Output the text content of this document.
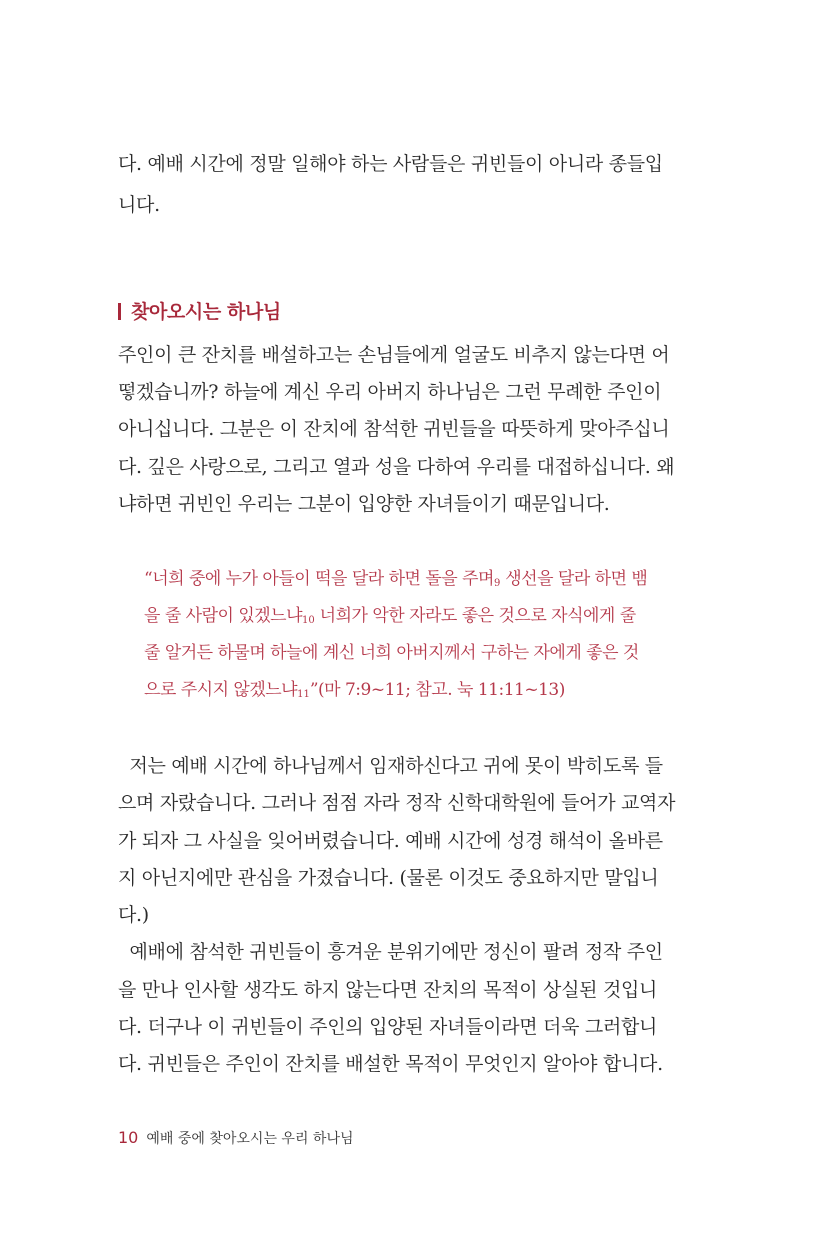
다. 예배 시간에 정말 일해야 하는 사람들은 귀빈들이 아니라 종들입
니다.
찾아오시는 하나님
주인이 큰 잔치를 배설하고는 손님들에게 얼굴도 비추지 않는다면 어
떻겠습니까? 하늘에 계신 우리 아버지 하나님은 그런 무례한 주인이
아니십니다. 그분은 이 잔치에 참석한 귀빈들을 따뜻하게 맞아주십니
다. 깊은 사랑으로, 그리고 열과 성을 다하여 우리를 대접하십니다. 왜
냐하면 귀빈인 우리는 그분이 입양한 자녀들이기 때문입니다.
“너희 중에 누가 아들이 떡을 달라 하면 돌을 주며$_9$ 생선을 달라 하면 뱀
을 줄 사람이 있겠느냐$_{10}$ 너희가 악한 자라도 좋은 것으로 자식에게 줄
줄 알거든 하물며 하늘에 계신 너희 아버지께서 구하는 자에게 좋은 것
으로 주시지 않겠느냐$_{11}$”(마 7:9~11; 참고. 눅 11:11~13)
저는 예배 시간에 하나님께서 임재하신다고 귀에 못이 박히도록 들
으며 자랐습니다. 그러나 점점 자라 정작 신학대학원에 들어가 교역자
가 되자 그 사실을 잊어버렸습니다. 예배 시간에 성경 해석이 올바른
지 아닌지에만 관심을 가졌습니다. (물론 이것도 중요하지만 말입니
다.)
예배에 참석한 귀빈들이 흥겨운 분위기에만 정신이 팔려 정작 주인
을 만나 인사할 생각도 하지 않는다면 잔치의 목적이 상실된 것입니
다. 더구나 이 귀빈들이 주인의 입양된 자녀들이라면 더욱 그러합니
다. 귀빈들은 주인이 잔치를 배설한 목적이 무엇인지 알아야 합니다.
10 예배 중에 찾아오시는 우리 하나님
